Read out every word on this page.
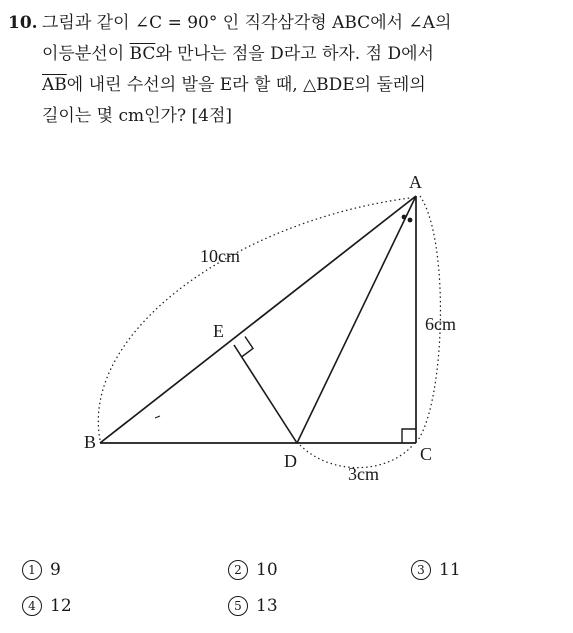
10. 그림과 같이 ∠C = 90° 인 직각삼각형 ABC에서 ∠A의
이등분선이 $\overline{BC}$와 만나는 점을 D라고 하자. 점 D에서
$\overline{AB}$에 내린 수선의 발을 E라 할 때, △BDE의 둘레의
길이는 몇 cm인가? [4점]
A
B
C
D
E
10cm
6cm
3cm
1 9	2 10	3 11
4 12	5 13
